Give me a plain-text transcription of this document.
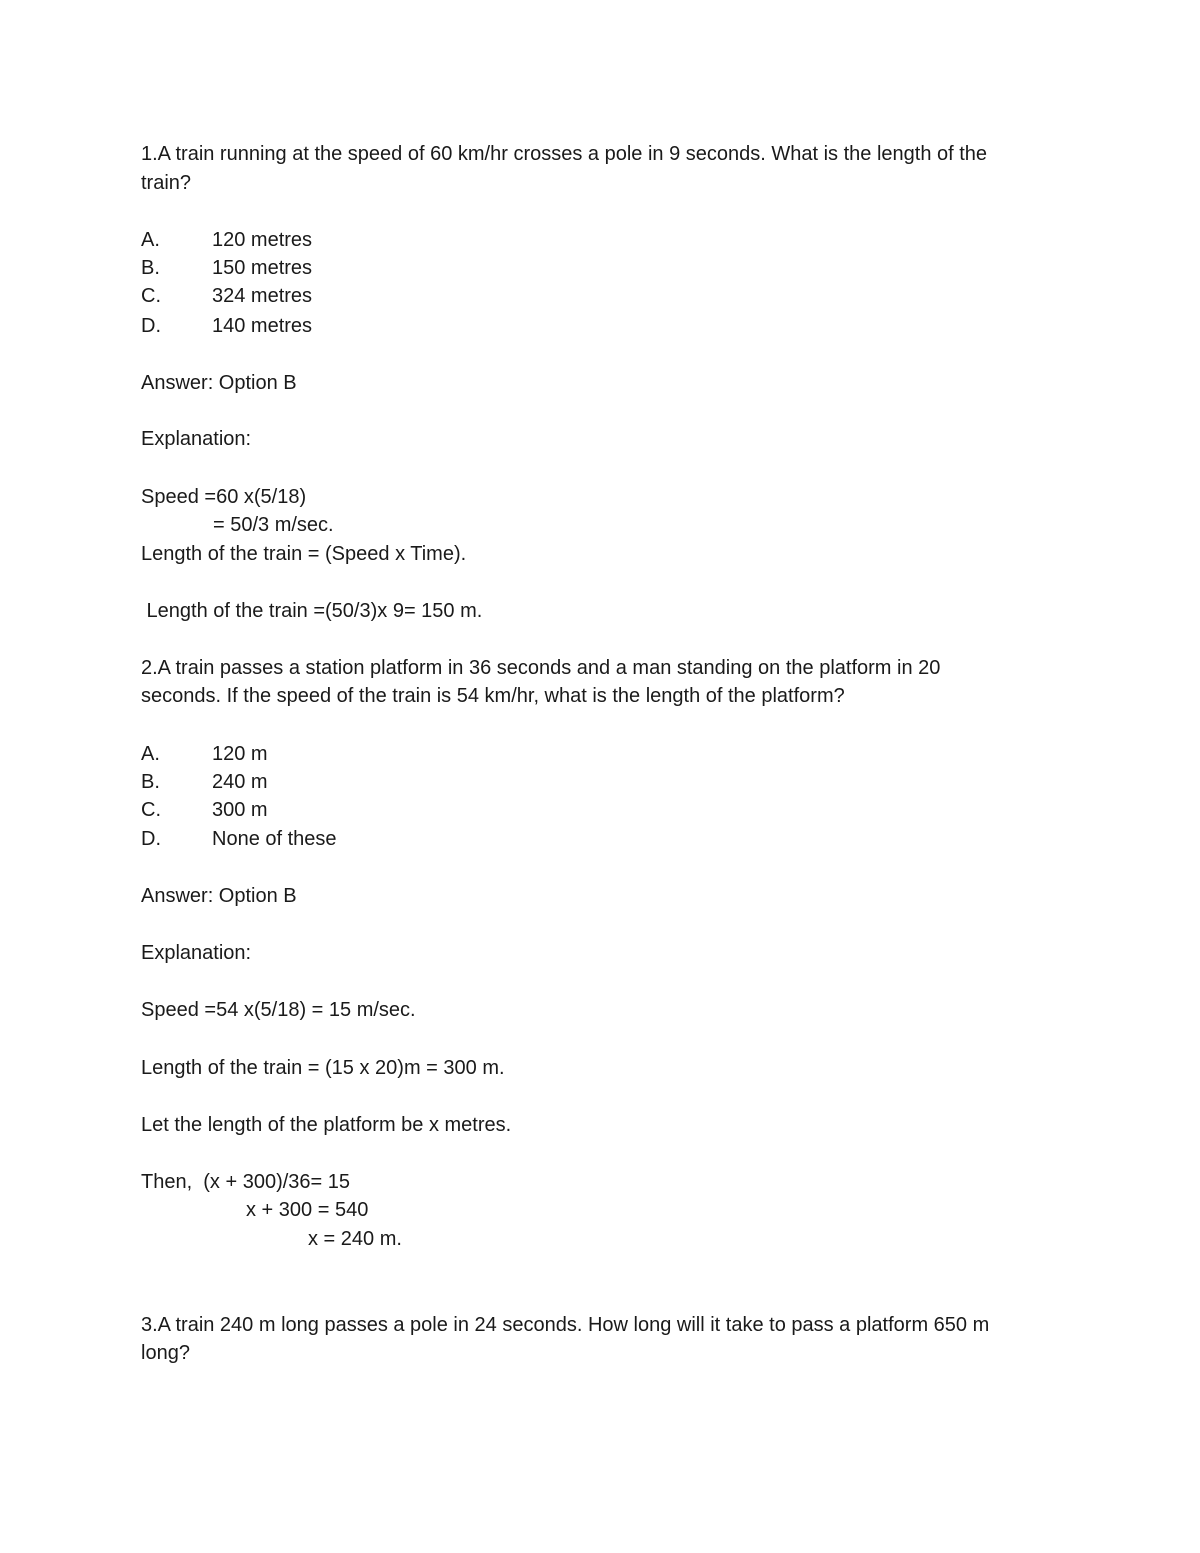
1.A train running at the speed of 60 km/hr crosses a pole in 9 seconds. What is the length of the
train?
A.	120 metres
B.	150 metres
C.	324 metres
D.	140 metres
Answer: Option B
Explanation:
Speed =60 x(5/18)
= 50/3 m/sec.
Length of the train = (Speed x Time).
Length of the train =(50/3)x 9= 150 m.
2.A train passes a station platform in 36 seconds and a man standing on the platform in 20
seconds. If the speed of the train is 54 km/hr, what is the length of the platform?
A.	120 m
B.	240 m
C.	300 m
D.	None of these
Answer: Option B
Explanation:
Speed =54 x(5/18) = 15 m/sec.
Length of the train = (15 x 20)m = 300 m.
Let the length of the platform be x metres.
Then,  (x + 300)/36= 15
x + 300 = 540
x = 240 m.
3.A train 240 m long passes a pole in 24 seconds. How long will it take to pass a platform 650 m
long?
